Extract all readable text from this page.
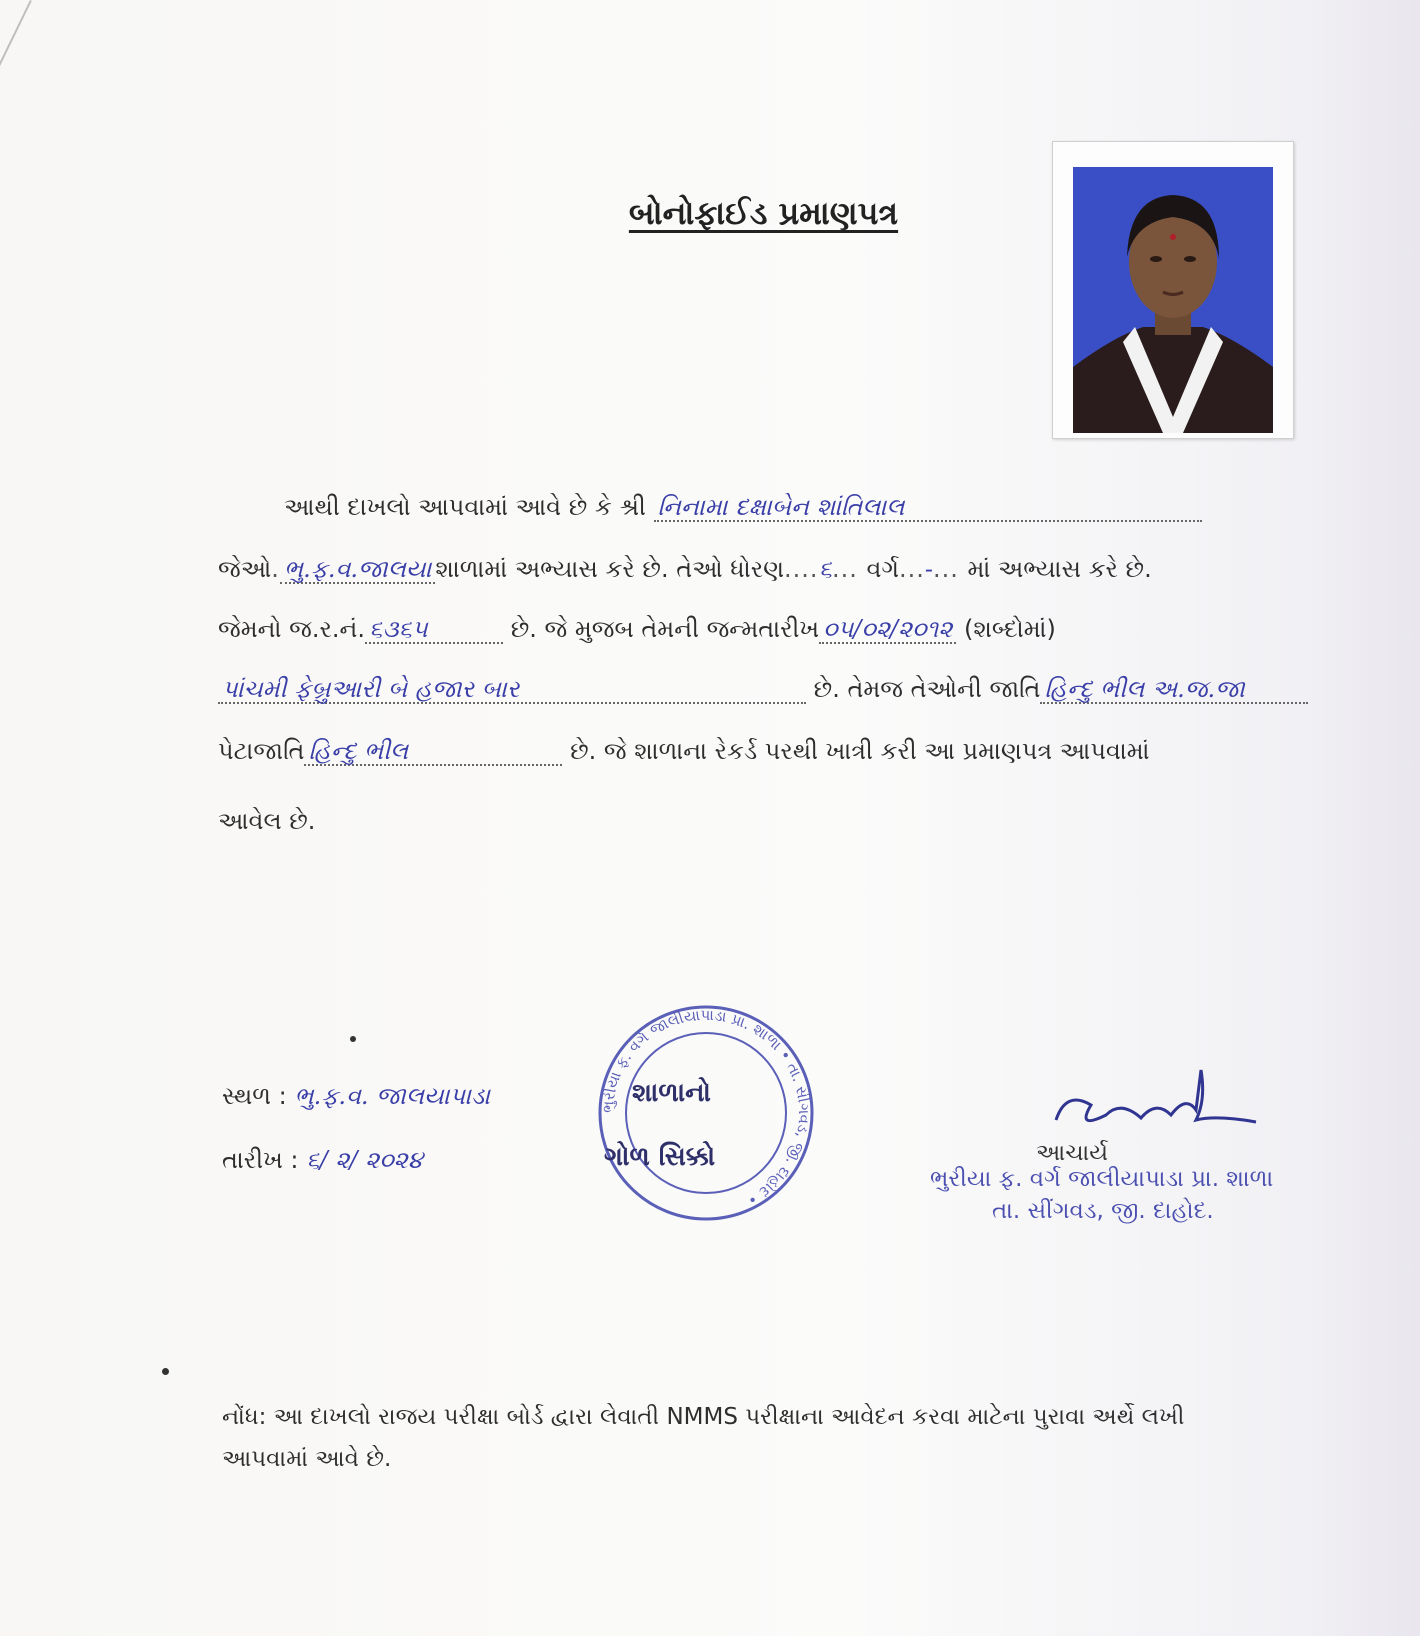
બોનોફાઈડ પ્રમાણપત્ર
આથી દાખલો આપવામાં આવે છે કે શ્રી નિનામા દક્ષાબેન શાંતિલાલ
જેઓ. ભુ.ફ.વ.જાલયા શાળામાં અભ્યાસ કરે છે. તેઓ ધોરણ....૬... વર્ગ...-... માં અભ્યાસ કરે છે.
જેમનો જ.ર.નં. ૬૩૬૫	છે. જે મુજબ તેમની જન્મતારીખ ૦૫/૦૨/૨૦૧૨ (શબ્દોમાં)
પાંચમી ફેબ્રુઆરી બે હજાર બાર	છે. તેમજ તેઓની જાતિ હિન્દુ ભીલ અ.જ.જા
પેટાજાતિ હિન્દુ ભીલ	છે. જે શાળાના રેકર્ડ પરથી ખાત્રી કરી આ પ્રમાણપત્ર આપવામાં
આવેલ છે.
સ્થળ : ભુ.ફ.વ. જાલયાપાડા
તારીખ : ૬/ ૨/ ૨૦૨૪
ભુરીયા ફ. વર્ગ જાલીયાપાડા પ્રા. શાળા • તા. સીંગવડ, જી. દાહોદ •
શાળાનો
ગોળ સિક્કો	આચાર્ય
ભુરીયા ફ. વર્ગ જાલીયાપાડા પ્રા. શાળા
તા. સીંગવડ, જી. દાહોદ.
નોંધ: આ દાખલો રાજય પરીક્ષા બોર્ડ દ્વારા લેવાતી NMMS પરીક્ષાના આવેદન કરવા માટેના પુરાવા અર્થે લખી આપવામાં આવે છે.
